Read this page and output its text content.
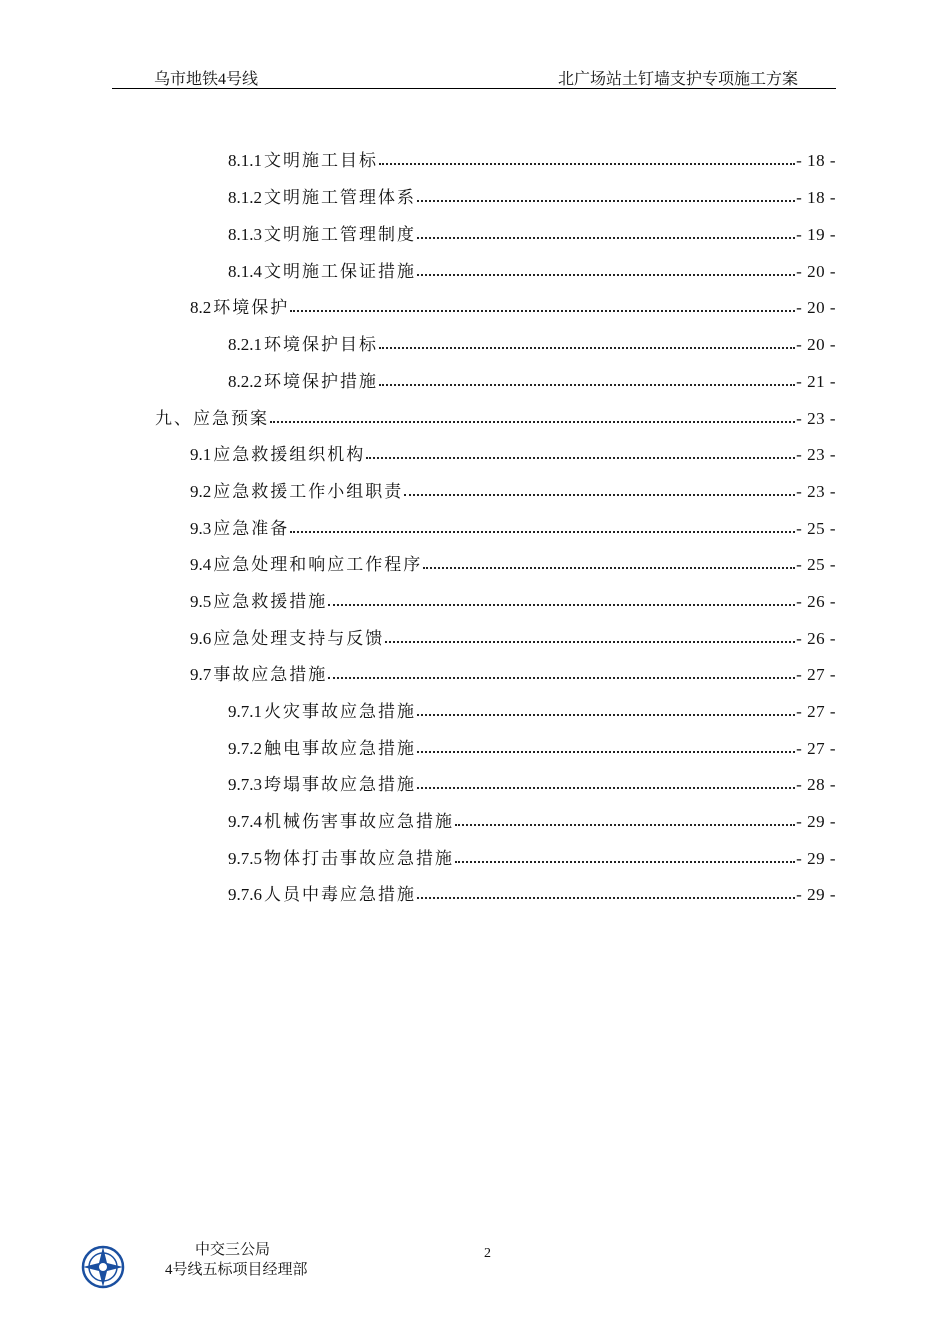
乌市地铁4号线	北广场站土钉墙支护专项施工方案
8.1.1 文明施工目标	- 18 -
8.1.2 文明施工管理体系	- 18 -
8.1.3 文明施工管理制度	- 19 -
8.1.4 文明施工保证措施	- 20 -
8.2 环境保护	- 20 -
8.2.1 环境保护目标	- 20 -
8.2.2 环境保护措施	- 21 -
九、应急预案	- 23 -
9.1 应急救援组织机构	- 23 -
9.2 应急救援工作小组职责	- 23 -
9.3 应急准备	- 25 -
9.4 应急处理和响应工作程序	- 25 -
9.5 应急救援措施	- 26 -
9.6 应急处理支持与反馈	- 26 -
9.7 事故应急措施	- 27 -
9.7.1 火灾事故应急措施	- 27 -
9.7.2 触电事故应急措施	- 27 -
9.7.3 垮塌事故应急措施	- 28 -
9.7.4 机械伤害事故应急措施	- 29 -
9.7.5 物体打击事故应急措施	- 29 -
9.7.6 人员中毒应急措施	- 29 -
中交三公局
4号线五标项目经理部
2
